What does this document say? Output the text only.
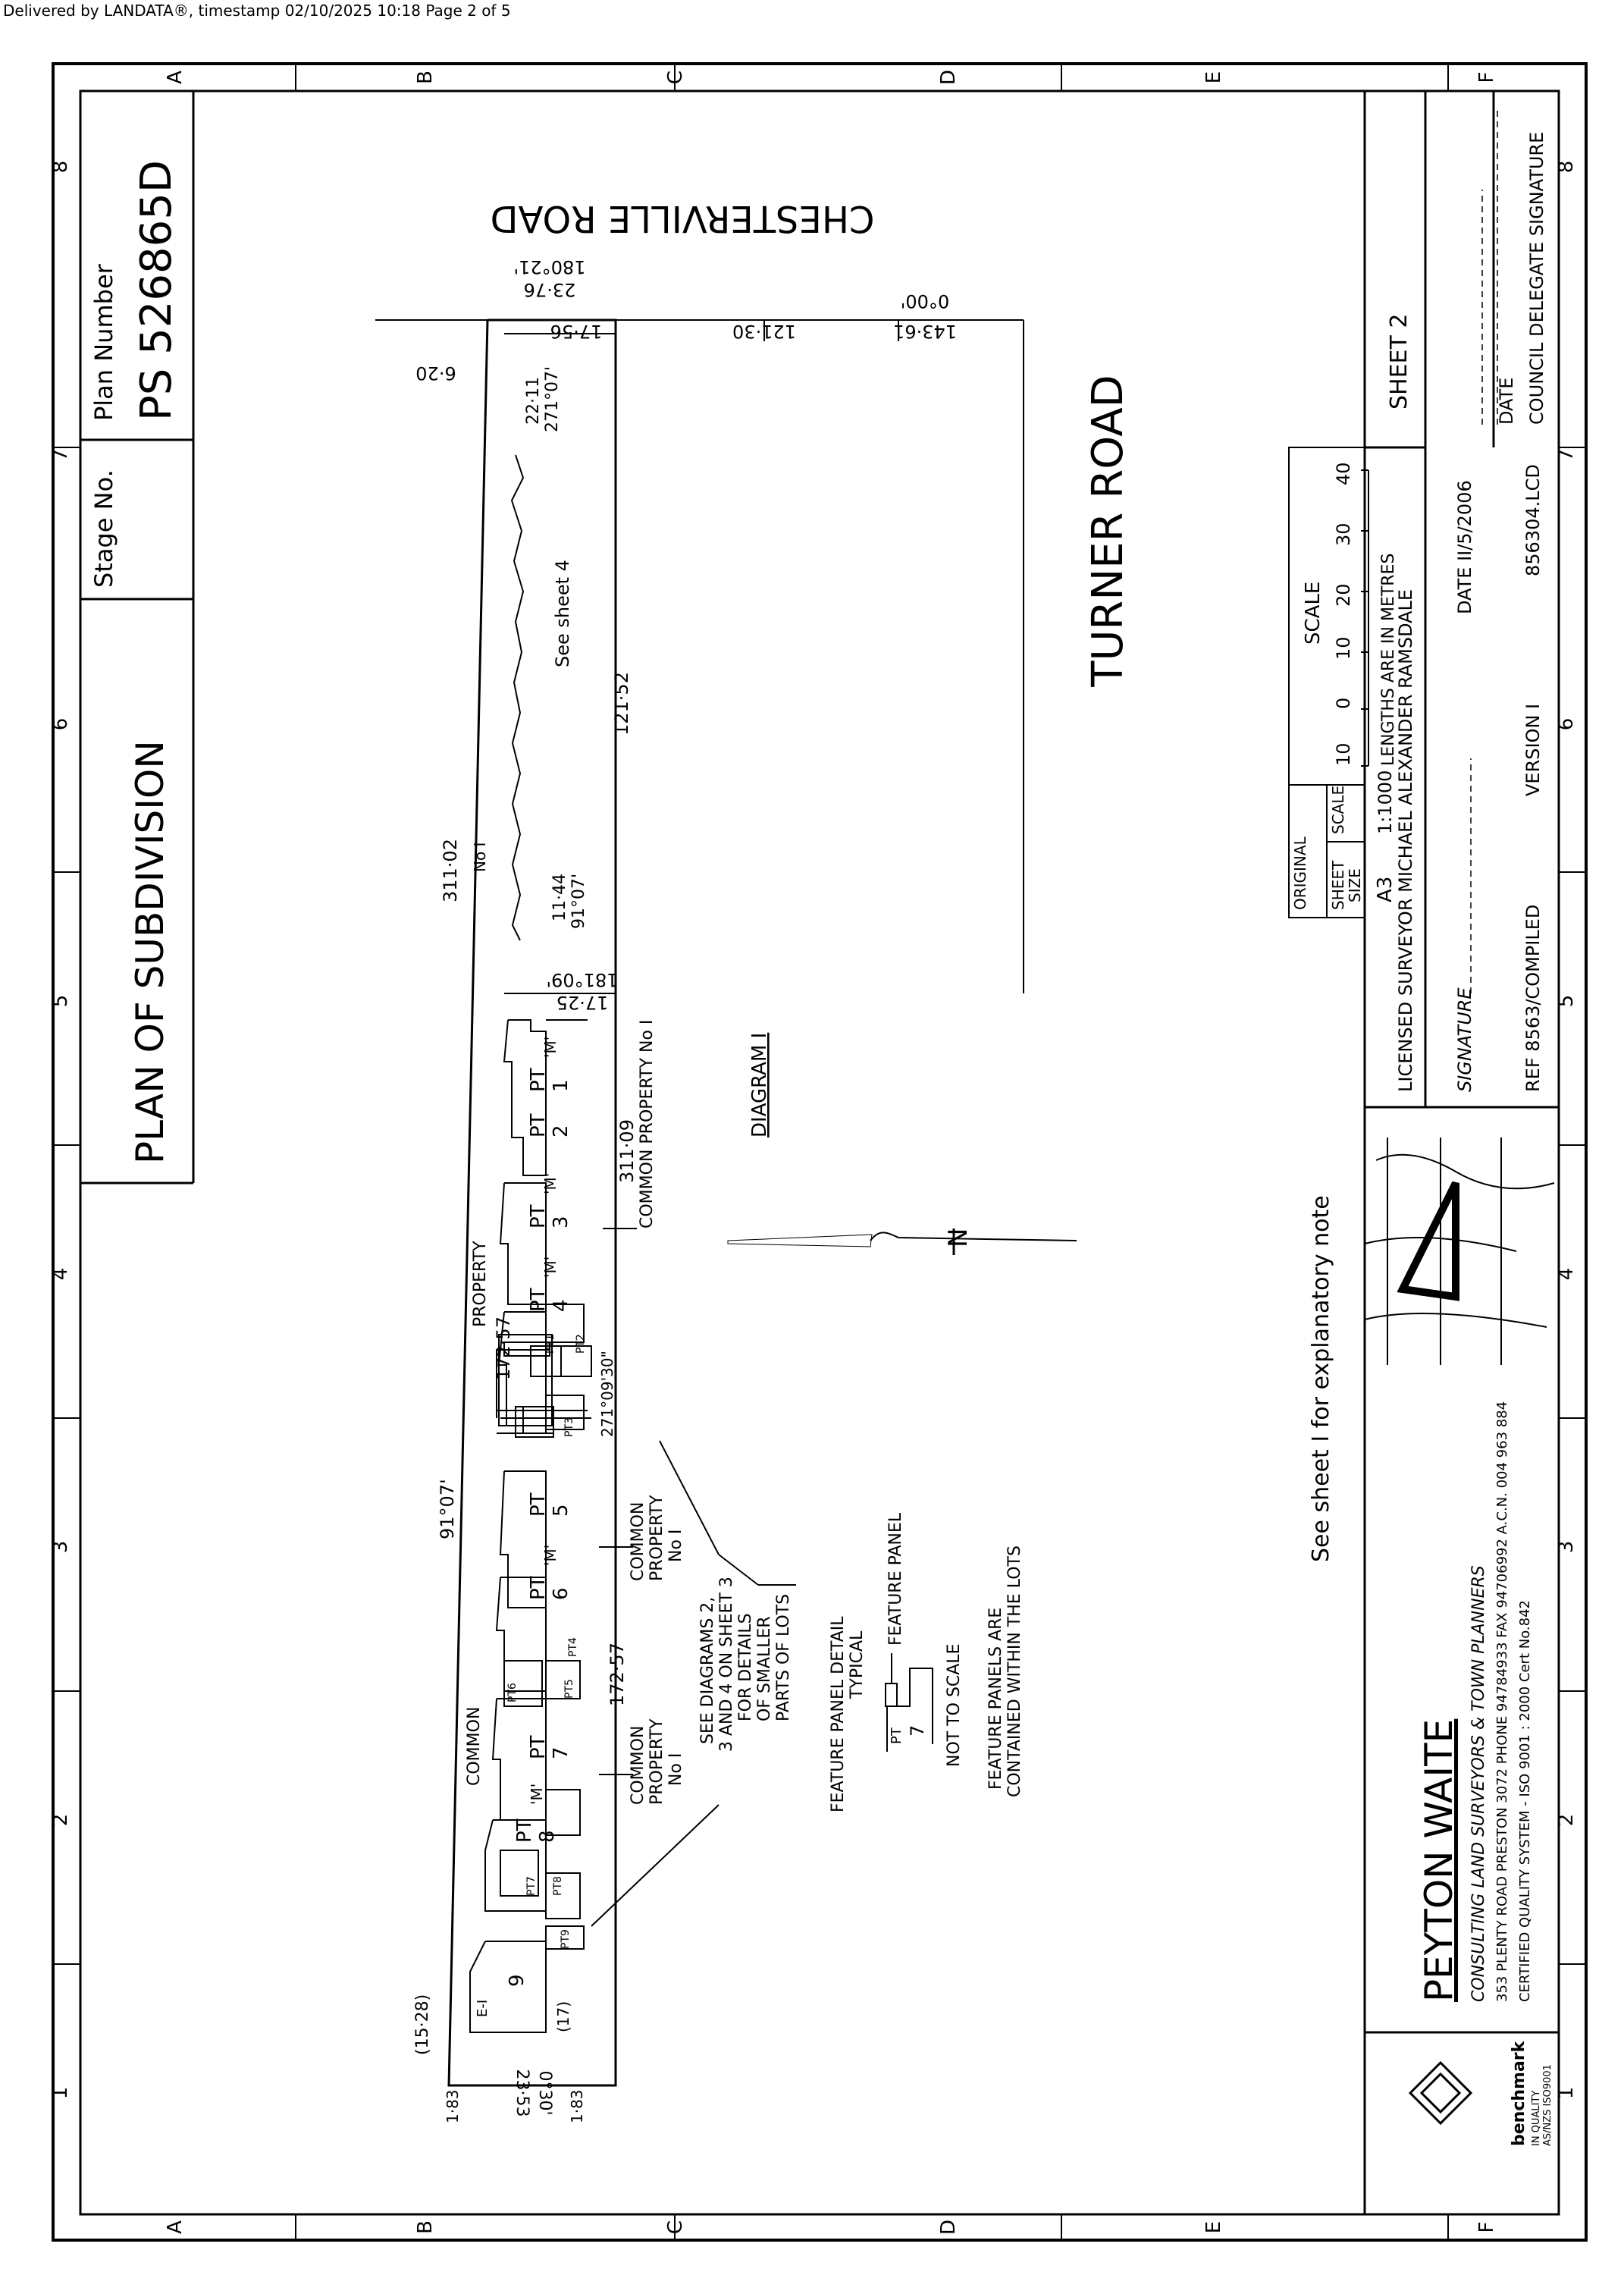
Delivered by LANDATA®, timestamp 02/10/2025 10:18 Page 2 of 5
A	B	C	D	E	F
A	B	C	D	E	F
1
2
3
4
5
6
7
8
1
2
3
4
5
6
7
8
PLAN OF SUBDIVISION
Stage No.
Plan Number PS 526865D	CHESTERVILLE ROAD
TURNER ROAD
PT 1
'M'
PT 2
PT 3
'M'
PT 4
'M'
PT 5
PT 6
'M'
PT 7
PT 8
'M'
9
PT1 PT2
PT3
PT4
PT5
PT6
PT7 PT8
PT9
311·02 No I
121·52
See sheet 4
121·30	143·61
0°00'
23·76
180°21'
17·56
6·20
22·11 271°07'
11·44 91°07'
17·25
181°09'
311·09
172·57
271°09'30"
91°07'
172·57
(15·28)	(17)
1·83	1·83
23·53 0°30'
E-I
COMMON PROPERTY No I
PROPERTY
COMMON
COMMON PROPERTY No I
COMMON PROPERTY No I
SEE DIAGRAMS 2, 3 AND 4 ON SHEET 3 FOR DETAILS OF SMALLER PARTS OF LOTS
DIAGRAM I
N
FEATURE PANEL DETAIL TYPICAL
FEATURE PANEL
NOT TO SCALE FEATURE PANELS ARE CONTAINED WITHIN THE LOTS
7
PT
See sheet I for explanatory note
ORIGINAL SHEET
SIZE
SCALE
A3
1:1000
SCALE
10
0
10
20
30
40
LENGTHS ARE IN METRES
SHEET 2
LICENSED SURVEYOR MICHAEL ALEXANDER RAMSDALE SIGNATURE
DATE II/5/2006
REF 8563/COMPILED
VERSION I
856304.LCD
DATE COUNCIL DELEGATE SIGNATURE
PEYTON WAITE CONSULTING LAND SURVEYORS & TOWN PLANNERS 353 PLENTY ROAD PRESTON 3072 PHONE 94784933 FAX 94706992 A.C.N. 004 963 884 CERTIFIED QUALITY SYSTEM - ISO 9001 : 2000 Cert No.842
benchmark IN QUALITY AS/NZS ISO9001
